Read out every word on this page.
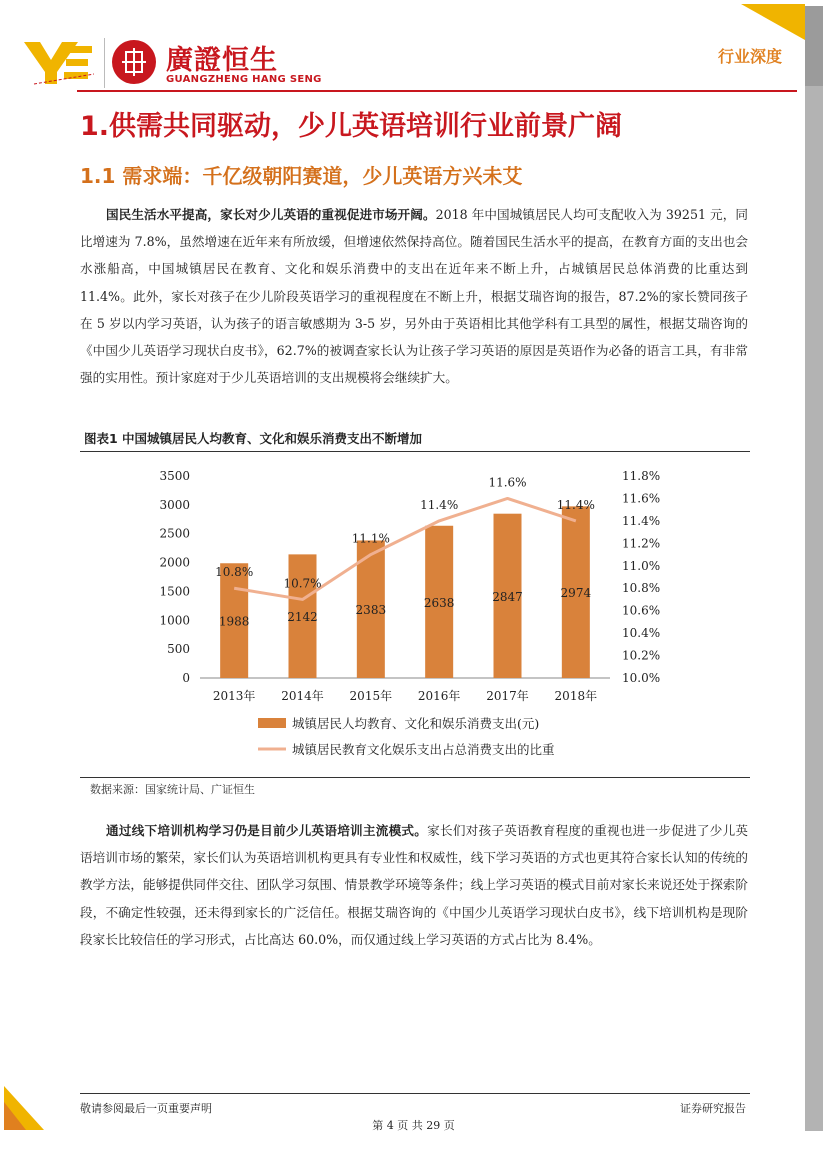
廣證恒生
GUANGZHENG HANG SENG
行业深度
1.供需共同驱动，少儿英语培训行业前景广阔
1.1 需求端：千亿级朝阳赛道，少儿英语方兴未艾
国民生活水平提高，家长对少儿英语的重视促进市场开阔。2018 年中国城镇居民人均可支配收入为 39251 元，同比增速为 7.8%，虽然增速在近年来有所放缓，但增速依然保持高位。随着国民生活水平的提高，在教育方面的支出也会水涨船高，中国城镇居民在教育、文化和娱乐消费中的支出在近年来不断上升，占城镇居民总体消费的比重达到 11.4%。此外，家长对孩子在少儿阶段英语学习的重视程度在不断上升，根据艾瑞咨询的报告，87.2%的家长赞同孩子在 5 岁以内学习英语，认为孩子的语言敏感期为 3-5 岁，另外由于英语相比其他学科有工具型的属性，根据艾瑞咨询的《中国少儿英语学习现状白皮书》，62.7%的被调查家长认为让孩子学习英语的原因是英语作为必备的语言工具，有非常强的实用性。预计家庭对于少儿英语培训的支出规模将会继续扩大。
图表1 中国城镇居民人均教育、文化和娱乐消费支出不断增加
0
500
1000
1500
2000
2500
3000
3500
10.0%
10.2%
10.4%
10.6%
10.8%
11.0%
11.2%
11.4%
11.6%
11.8%
2013年 2014年 2015年 2016年 2017年 2018年
1988	2142	2383
2638	2847	2974
10.8%
10.7%
11.1%
11.4%
11.6%
11.4%
城镇居民人均教育、文化和娱乐消费支出(元)
城镇居民教育文化娱乐支出占总消费支出的比重
数据来源：国家统计局、广证恒生
通过线下培训机构学习仍是目前少儿英语培训主流模式。家长们对孩子英语教育程度的重视也进一步促进了少儿英语培训市场的繁荣，家长们认为英语培训机构更具有专业性和权威性，线下学习英语的方式也更其符合家长认知的传统的教学方法，能够提供同伴交往、团队学习氛围、情景教学环境等条件；线上学习英语的模式目前对家长来说还处于探索阶段，不确定性较强，还未得到家长的广泛信任。根据艾瑞咨询的《中国少儿英语学习现状白皮书》，线下培训机构是现阶段家长比较信任的学习形式，占比高达 60.0%，而仅通过线上学习英语的方式占比为 8.4%。
敬请参阅最后一页重要声明	证券研究报告
第 4 页 共 29 页
